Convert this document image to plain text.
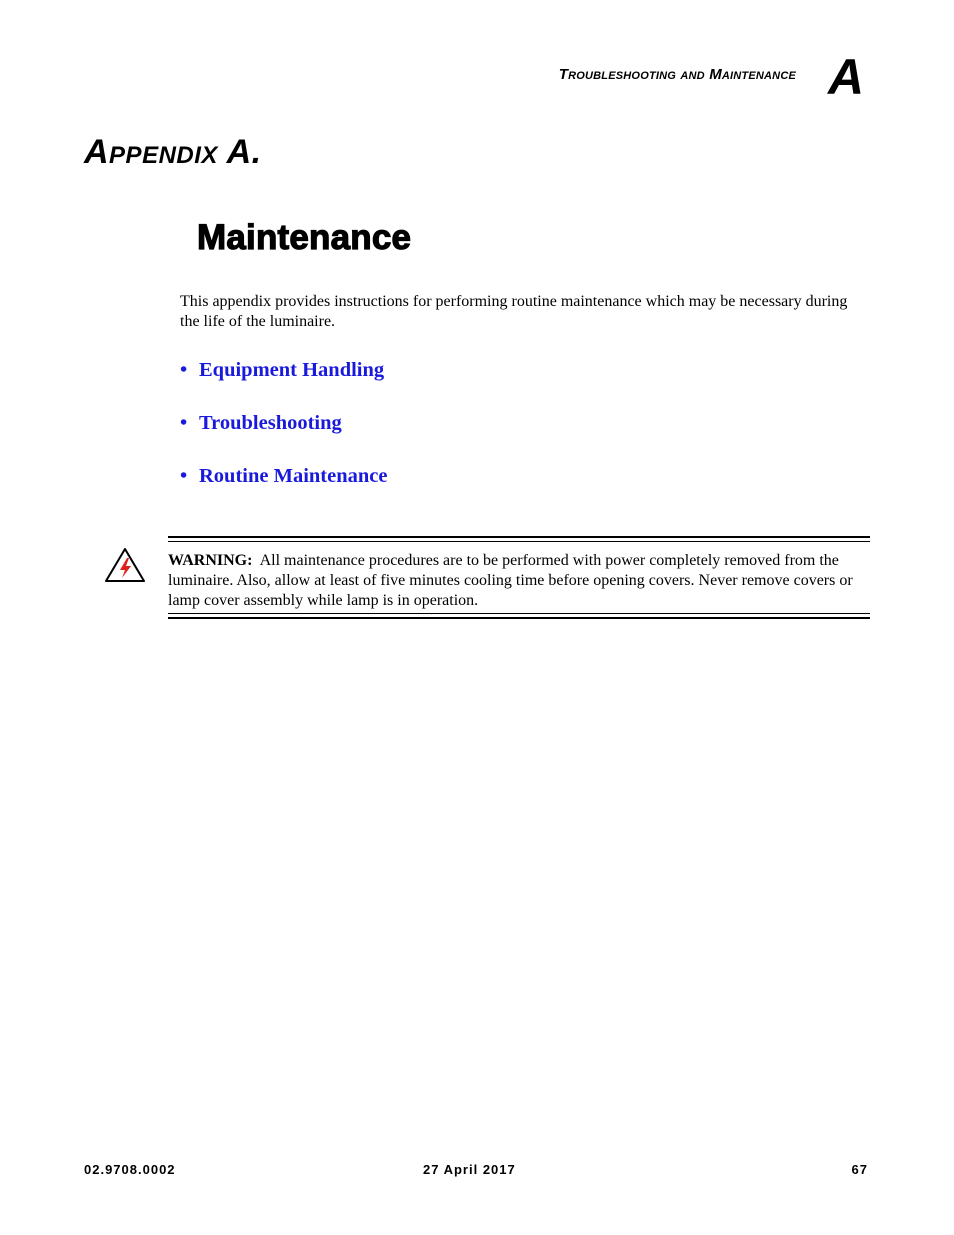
Troubleshooting and Maintenance A
Appendix A.
Maintenance
This appendix provides instructions for performing routine maintenance which may be necessary during the life of the luminaire.
• Equipment Handling
• Troubleshooting
• Routine Maintenance
WARNING: All maintenance procedures are to be performed with power completely removed from the luminaire. Also, allow at least of five minutes cooling time before opening covers. Never remove covers or lamp cover assembly while lamp is in operation.
02.9708.0002	27 April 2017	67
